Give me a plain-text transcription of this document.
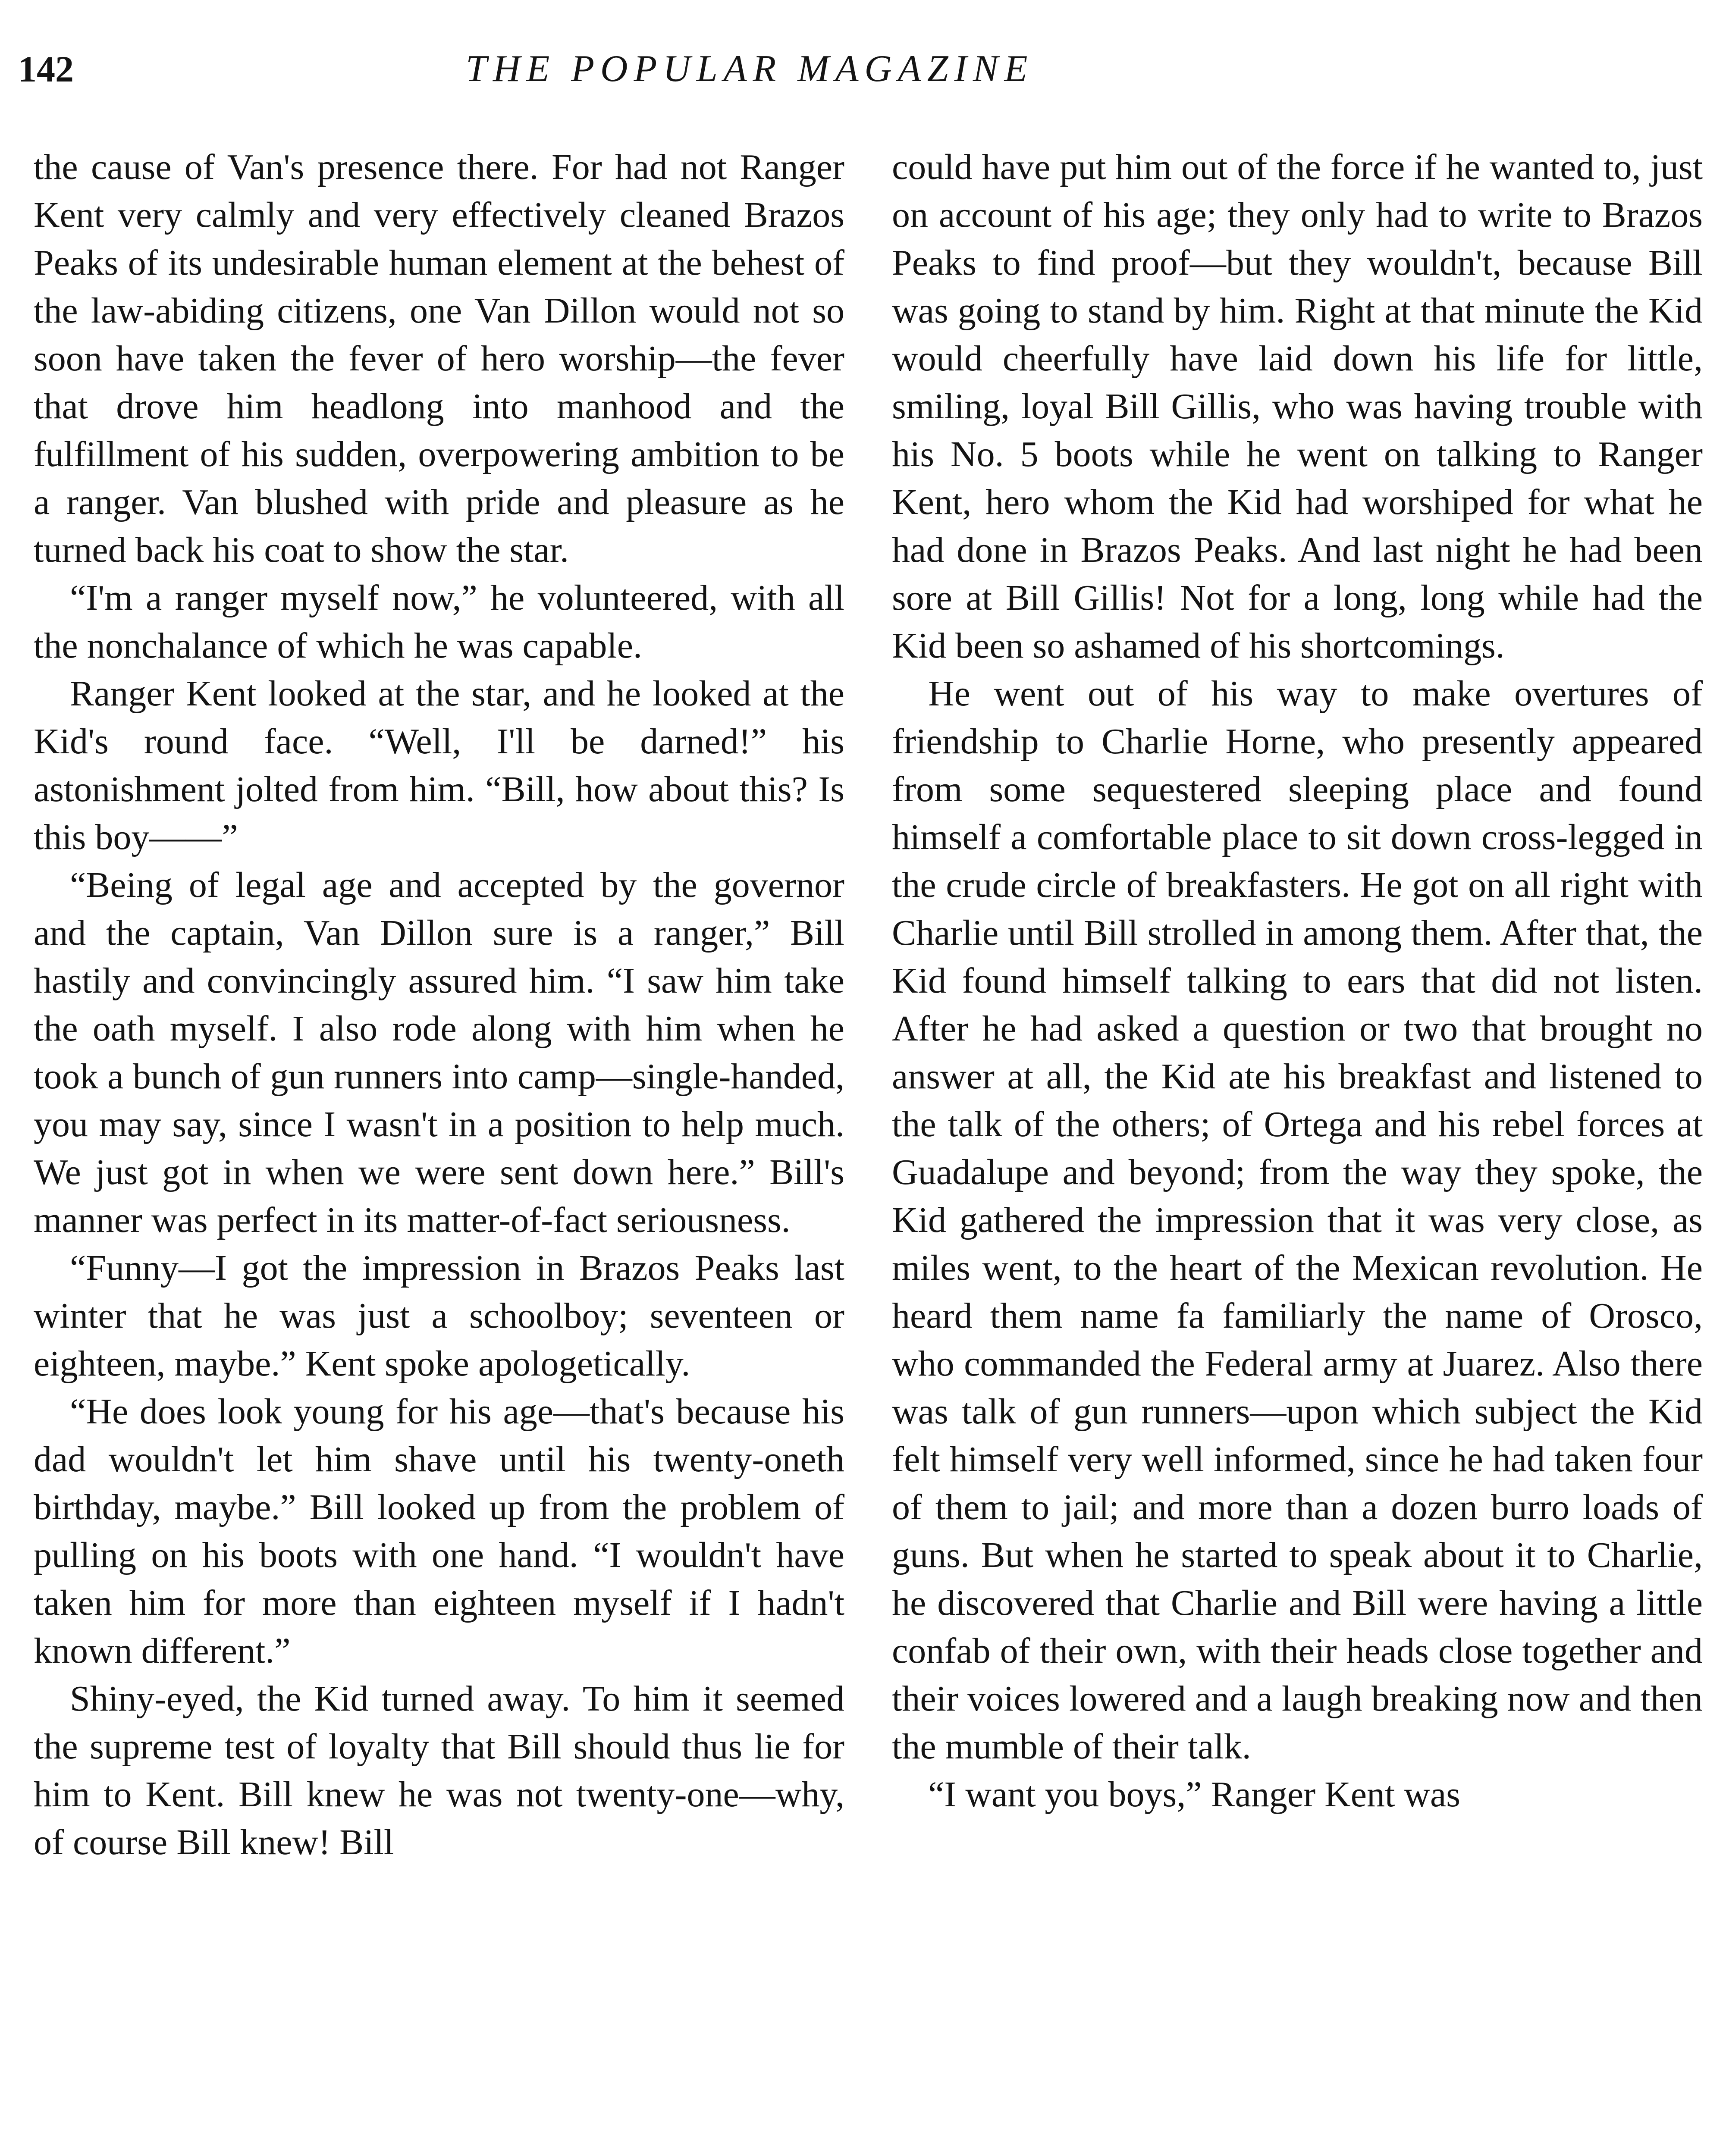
142	THE POPULAR MAGAZINE

the cause of Van's presence there. For had not Ranger Kent very calmly and very effectively cleaned Brazos Peaks of its undesirable human element at the behest of the law-abiding citizens, one Van Dillon would not so soon have taken the fever of hero worship—the fever that drove him headlong into manhood and the fulfillment of his sudden, overpowering ambition to be a ranger. Van blushed with pride and pleasure as he turned back his coat to show the star.

“I'm a ranger myself now,” he volunteered, with all the nonchalance of which he was capable.

Ranger Kent looked at the star, and he looked at the Kid's round face. “Well, I'll be darned!” his astonishment jolted from him. “Bill, how about this? Is this boy——”

“Being of legal age and accepted by the governor and the captain, Van Dillon sure is a ranger,” Bill hastily and convincingly assured him. “I saw him take the oath myself. I also rode along with him when he took a bunch of gun runners into camp—single-handed, you may say, since I wasn't in a position to help much. We just got in when we were sent down here.” Bill's manner was perfect in its matter-of-fact seriousness.

“Funny—I got the impression in Brazos Peaks last winter that he was just a schoolboy; seventeen or eighteen, maybe.” Kent spoke apologetically.

“He does look young for his age—that's because his dad wouldn't let him shave until his twenty-oneth birthday, maybe.” Bill looked up from the problem of pulling on his boots with one hand. “I wouldn't have taken him for more than eighteen myself if I hadn't known different.”

Shiny-eyed, the Kid turned away. To him it seemed the supreme test of loyalty that Bill should thus lie for him to Kent. Bill knew he was not twenty-one—why, of course Bill knew! Bill

could have put him out of the force if he wanted to, just on account of his age; they only had to write to Brazos Peaks to find proof—but they wouldn't, because Bill was going to stand by him. Right at that minute the Kid would cheerfully have laid down his life for little, smiling, loyal Bill Gillis, who was having trouble with his No. 5 boots while he went on talking to Ranger Kent, hero whom the Kid had worshiped for what he had done in Brazos Peaks. And last night he had been sore at Bill Gillis! Not for a long, long while had the Kid been so ashamed of his shortcomings.

He went out of his way to make overtures of friendship to Charlie Horne, who presently appeared from some sequestered sleeping place and found himself a comfortable place to sit down cross-legged in the crude circle of breakfasters. He got on all right with Charlie until Bill strolled in among them. After that, the Kid found himself talking to ears that did not listen. After he had asked a question or two that brought no answer at all, the Kid ate his breakfast and listened to the talk of the others; of Ortega and his rebel forces at Guadalupe and beyond; from the way they spoke, the Kid gathered the impression that it was very close, as miles went, to the heart of the Mexican revolution. He heard them name fa familiarly the name of Orosco, who commanded the Federal army at Juarez. Also there was talk of gun runners—upon which subject the Kid felt himself very well informed, since he had taken four of them to jail; and more than a dozen burro loads of guns. But when he started to speak about it to Charlie, he discovered that Charlie and Bill were having a little confab of their own, with their heads close together and their voices lowered and a laugh breaking now and then the mumble of their talk.

“I want you boys,” Ranger Kent was
